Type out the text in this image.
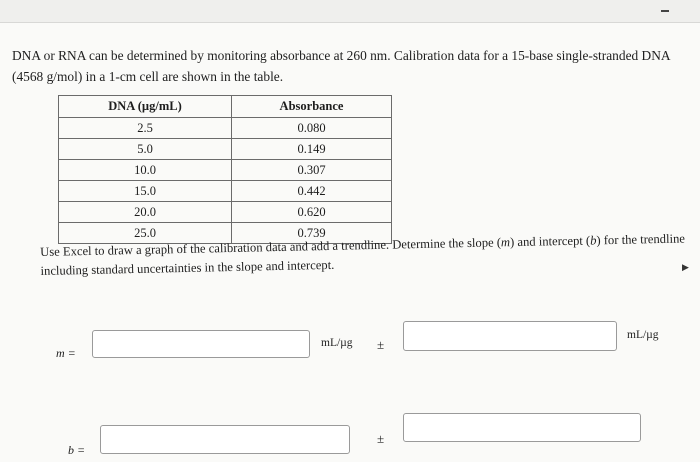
DNA or RNA can be determined by monitoring absorbance at 260 nm. Calibration data for a 15-base single-stranded DNA (4568 g/mol) in a 1-cm cell are shown in the table.
DNA (µg/mL)	Absorbance
2.5	0.080
5.0	0.149
10.0	0.307
15.0	0.442
20.0	0.620
25.0	0.739
Use Excel to draw a graph of the calibration data and add a trendline. Determine the slope (m) and intercept (b) for the trendline including standard uncertainties in the slope and intercept.	▶
m =
mL/µg ±
mL/µg
b =
±
